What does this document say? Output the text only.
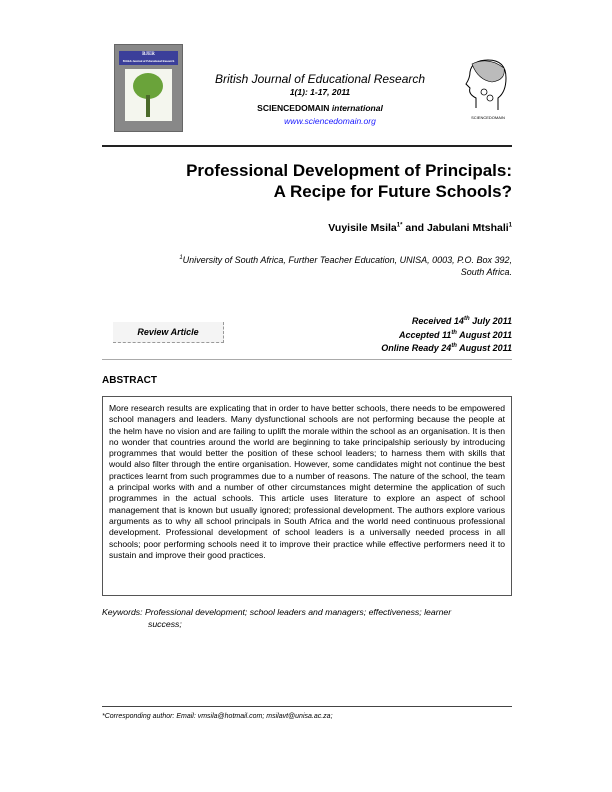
BJER
British Journal of Educational Research
British Journal of Educational Research
1(1): 1-17, 2011
SCIENCEDOMAIN international
www.sciencedomain.org	SCIENCEDOMAIN
Professional Development of Principals:
A Recipe for Future Schools?
Vuyisile Msila$^{1*}$ and Jabulani Mtshali$^1$
$^1$University of South Africa, Further Teacher Education, UNISA, 0003, P.O. Box 392,
South Africa.
Review Article
Received 14th July 2011
Accepted 11th August 2011
Online Ready 24th August 2011
ABSTRACT
More research results are explicating that in order to have better schools, there needs to be empowered school managers and leaders. Many dysfunctional schools are not performing because the people at the helm have no vision and are failing to uplift the morale within the school as an organisation. It is then no wonder that countries around the world are beginning to take principalship seriously by introducing programmes that would better the position of these school leaders; to harness them with skills that would also filter through the entire organisation. However, some candidates might not continue the best practices learnt from such programmes due to a number of reasons. The nature of the school, the team a principal works with and a number of other circumstances might determine the application of such programmes in the actual schools. This article uses literature to explore an aspect of school management that is known but usually ignored; professional development. The authors explore various arguments as to why all school principals in South Africa and the world need continuous professional development. Professional development of school leaders is a universally needed process in all schools; poor performing schools need it to improve their practice while effective performers need it to sustain and improve their good practices.
Keywords: Professional development; school leaders and managers; effectiveness; learner
success;
*Corresponding author: Email: vmsila@hotmail.com; msilavt@unisa.ac.za;
